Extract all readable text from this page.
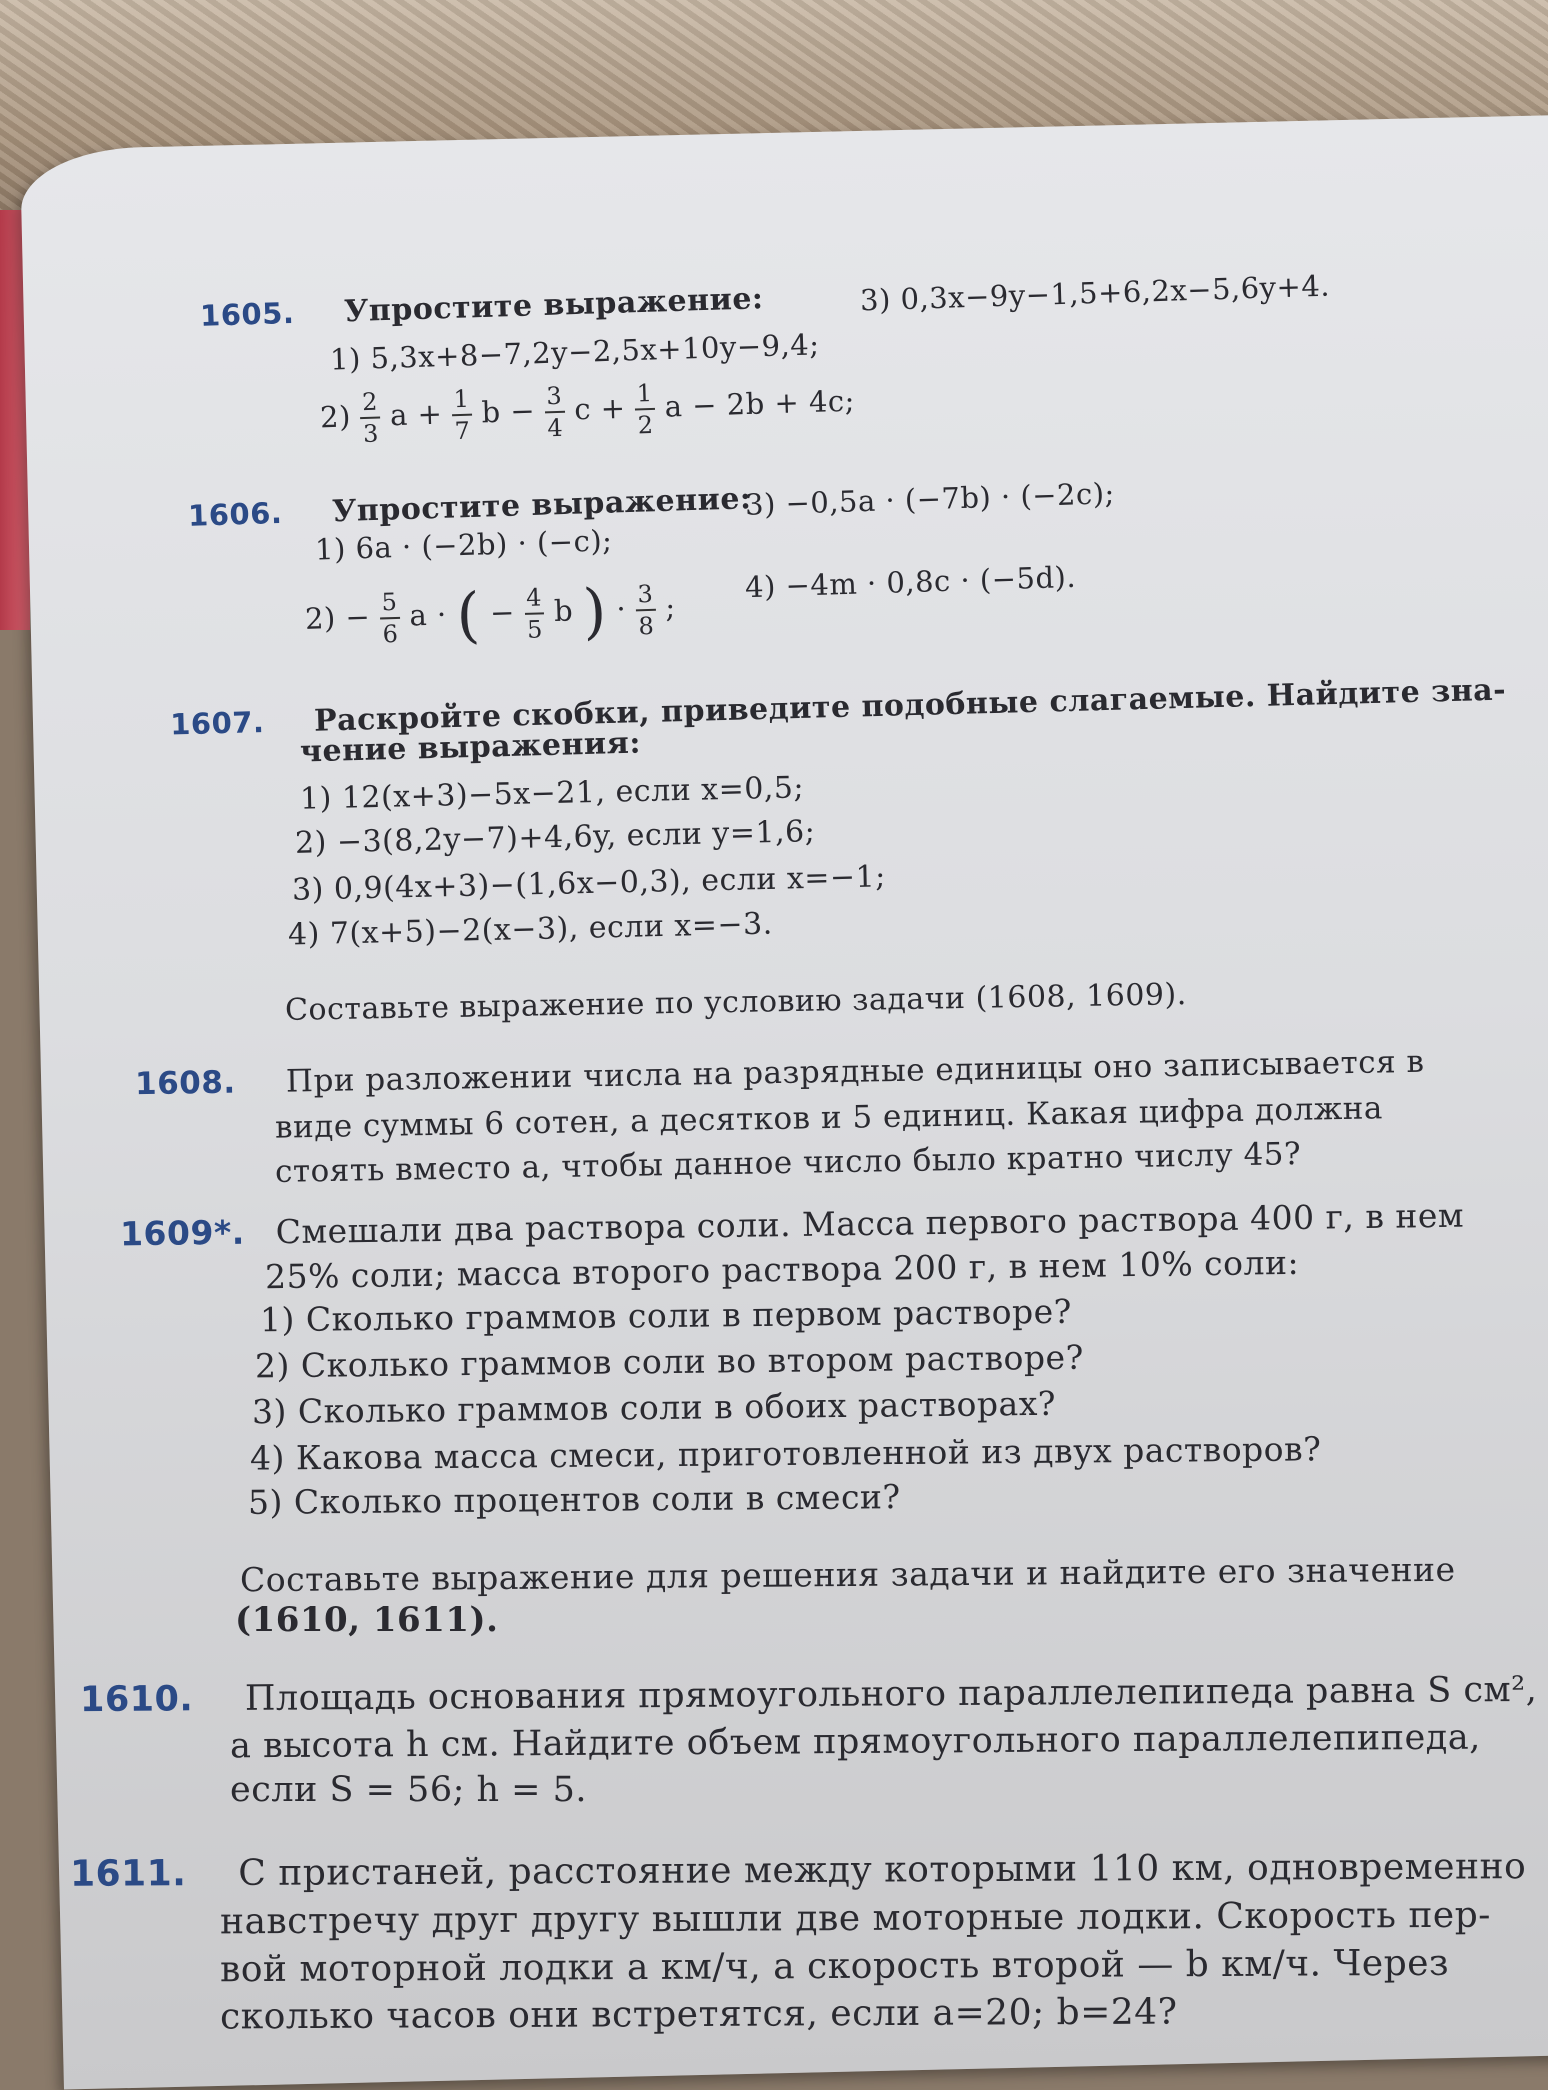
1605. Упростите выражение:
1) 5,3x+8−7,2y−2,5x+10y−9,4;
3) 0,3x−9y−1,5+6,2x−5,6y+4.
$2) \frac{2}{3}$ $a + \frac{1}{7}$ $b - \frac{3}{4}$ $c + \frac{1}{2}$ a − 2b + 4c;
1606. Упростите выражение:
1) 6a · (−2b) · (−c);
3) −0,5a · (−7b) · (−2c);
$2) - \frac{5}{6}$ a · ( − $\frac{4}{5}$ b ) · $\frac{3}{8}$ ;
4) −4m · 0,8c · (−5d).
1607. Раскройте скобки, приведите подобные слагаемые. Найдите зна-
чение выражения:
1) 12(x+3)−5x−21, если x=0,5;
2) −3(8,2y−7)+4,6y, если y=1,6;
3) 0,9(4x+3)−(1,6x−0,3), если x=−1;
4) 7(x+5)−2(x−3), если x=−3.
Составьте выражение по условию задачи (1608, 1609).
1608. При разложении числа на разрядные единицы оно записывается в
виде суммы 6 сотен, a десятков и 5 единиц. Какая цифра должна
стоять вместо a, чтобы данное число было кратно числу 45?
1609*. Смешали два раствора соли. Масса первого раствора 400 г, в нем
25% соли; масса второго раствора 200 г, в нем 10% соли:
1) Сколько граммов соли в первом растворе?
2) Сколько граммов соли во втором растворе?
3) Сколько граммов соли в обоих растворах?
4) Какова масса смеси, приготовленной из двух растворов?
5) Сколько процентов соли в смеси?
Составьте выражение для решения задачи и найдите его значение
(1610, 1611).
1610. Площадь основания прямоугольного параллелепипеда равна S см²,
а высота h см. Найдите объем прямоугольного параллелепипеда,
если S = 56; h = 5.
1611. С пристаней, расстояние между которыми 110 км, одновременно
навстречу друг другу вышли две моторные лодки. Скорость пер-
вой моторной лодки a км/ч, а скорость второй — b км/ч. Через
сколько часов они встретятся, если a=20; b=24?
